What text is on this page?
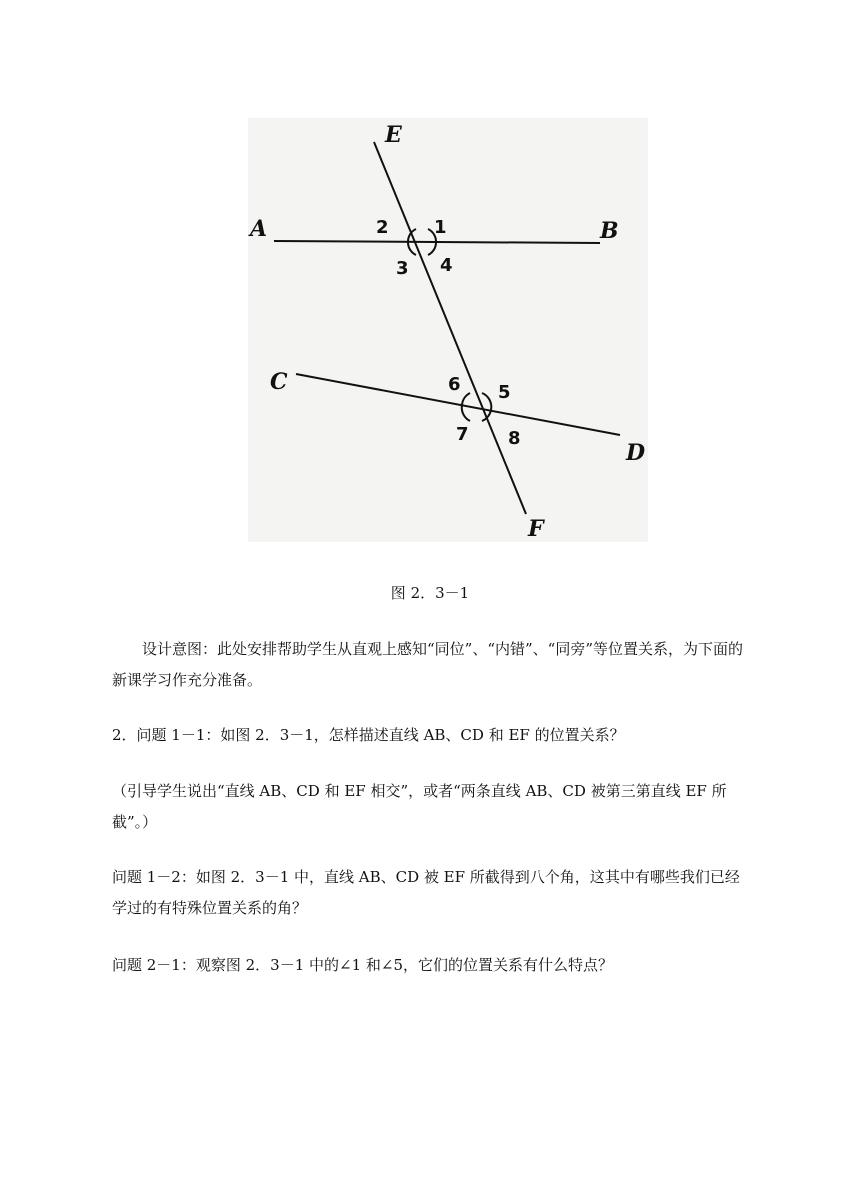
E
A	B
C
D
F
1
2
3 4
5
6
7 8
图 2．3－1

设计意图：此处安排帮助学生从直观上感知“同位”、“内错”、“同旁”等位置关系，为下面的新课学习作充分准备。

2．问题 1－1：如图 2．3－1，怎样描述直线 AB、CD 和 EF 的位置关系？

（引导学生说出“直线 AB、CD 和 EF 相交”，或者“两条直线 AB、CD 被第三第直线 EF 所截”。）

问题 1－2：如图 2．3－1 中，直线 AB、CD 被 EF 所截得到八个角，这其中有哪些我们已经学过的有特殊位置关系的角？

问题 2－1：观察图 2．3－1 中的∠1 和∠5，它们的位置关系有什么特点？
